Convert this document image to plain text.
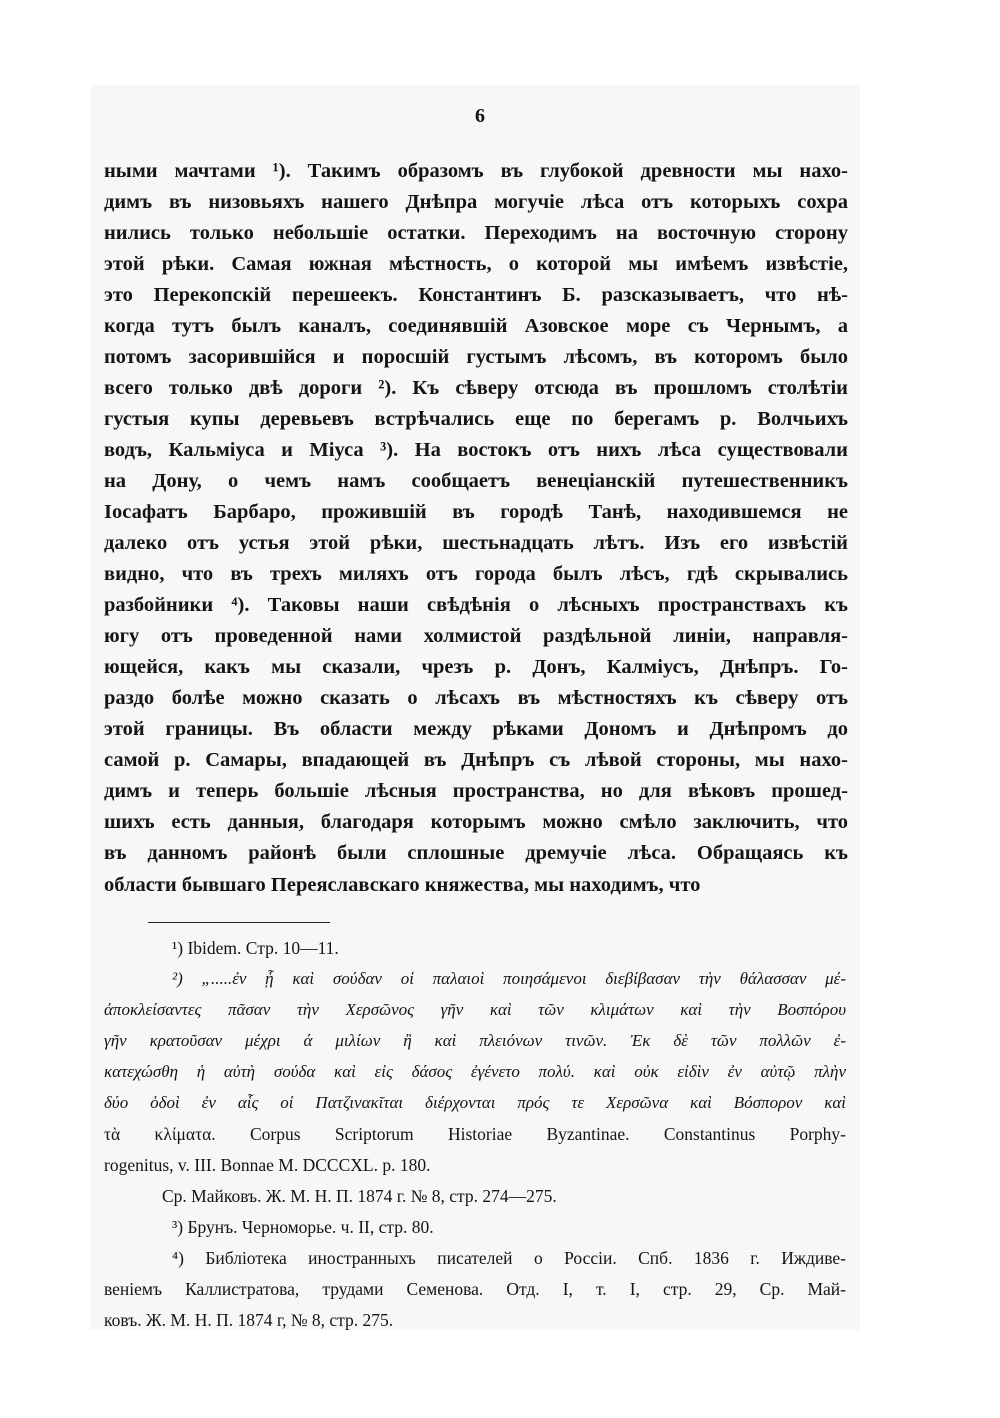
6
ными мачтами ¹). Такимъ образомъ въ глубокой древности мы нахо-
димъ въ низовьяхъ нашего Днѣпра могучіе лѣса отъ которыхъ сохра
нились только небольшіе остатки. Переходимъ на восточную сторону
этой рѣки. Самая южная мѣстность, о которой мы имѣемъ извѣстіе,
это Перекопскій перешеекъ. Константинъ Б. разсказываетъ, что нѣ-
когда тутъ былъ каналъ, соединявшій Азовское море съ Чернымъ, а
потомъ засорившійся и поросшій густымъ лѣсомъ, въ которомъ было
всего только двѣ дороги ²). Къ сѣверу отсюда въ прошломъ столѣтіи
густыя купы деревьевъ встрѣчались еще по берегамъ р. Волчьихъ
водъ, Кальміуса и Міуса ³). На востокъ отъ нихъ лѣса существовали
на Дону, о чемъ намъ сообщаетъ венеціанскій путешественникъ
Іосафатъ Барбаро, прожившій въ городѣ Танѣ, находившемся не
далеко отъ устья этой рѣки, шестьнадцать лѣтъ. Изъ его извѣстій
видно, что въ трехъ миляхъ отъ города былъ лѣсъ, гдѣ скрывались
разбойники ⁴). Таковы наши свѣдѣнія о лѣсныхъ пространствахъ къ
югу отъ проведенной нами холмистой раздѣльной линіи, направля-
ющейся, какъ мы сказали, чрезъ р. Донъ, Калміусъ, Днѣпръ. Го-
раздо болѣе можно сказать о лѣсахъ въ мѣстностяхъ къ сѣверу отъ
этой границы. Въ области между рѣками Дономъ и Днѣпромъ до
самой р. Самары, впадающей въ Днѣпръ съ лѣвой стороны, мы нахо-
димъ и теперь большіе лѣсныя пространства, но для вѣковъ прошед-
шихъ есть данныя, благодаря которымъ можно смѣло заключить, что
въ данномъ районѣ были сплошные дремучіе лѣса. Обращаясь къ
области бывшаго Переяславскаго княжества, мы находимъ, что
¹) Ibidem. Стр. 10—11.
²) „.....ἐν ᾗ καὶ σούδαν οἱ παλαιοὶ ποιησάμενοι διεβίβασαν τὴν θάλασσαν μέ-
ἀποκλείσαντες πᾶσαν τὴν Χερσῶνος γῆν καὶ τῶν κλιμάτων καὶ τὴν Βοσπόρου
γῆν κρατοῦσαν μέχρι ά μιλίων ἢ καὶ πλειόνων τινῶν. Ἐκ δὲ τῶν πολλῶν ἐ-
κατεχώσθη ἡ αὐτὴ σούδα καὶ εἰς δάσος ἐγένετο πολύ. καὶ οὐκ εἰδὶν ἐν αὐτῷ πλὴν
δύο ὁδοὶ ἐν αἷς οἱ Πατζινακῖται διέρχονται πρός τε Χερσῶνα καὶ Βόσπορον καὶ
τὰ κλίματα. Corpus Scriptorum Historiae Byzantinae. Constantinus Porphy-
rogenitus, v. III. Bonnae M. DCCCXL. p. 180.
Ср. Майковъ. Ж. М. Н. П. 1874 г. № 8, стр. 274—275.
³) Брунъ. Черноморье. ч. II, стр. 80.
⁴) Библіотека иностранныхъ писателей о Россіи. Спб. 1836 г. Иждиве-
веніемъ Каллистратова, трудами Семенова. Отд. I, т. I, стр. 29, Ср. Май-
ковъ. Ж. М. Н. П. 1874 г, № 8, стр. 275.
